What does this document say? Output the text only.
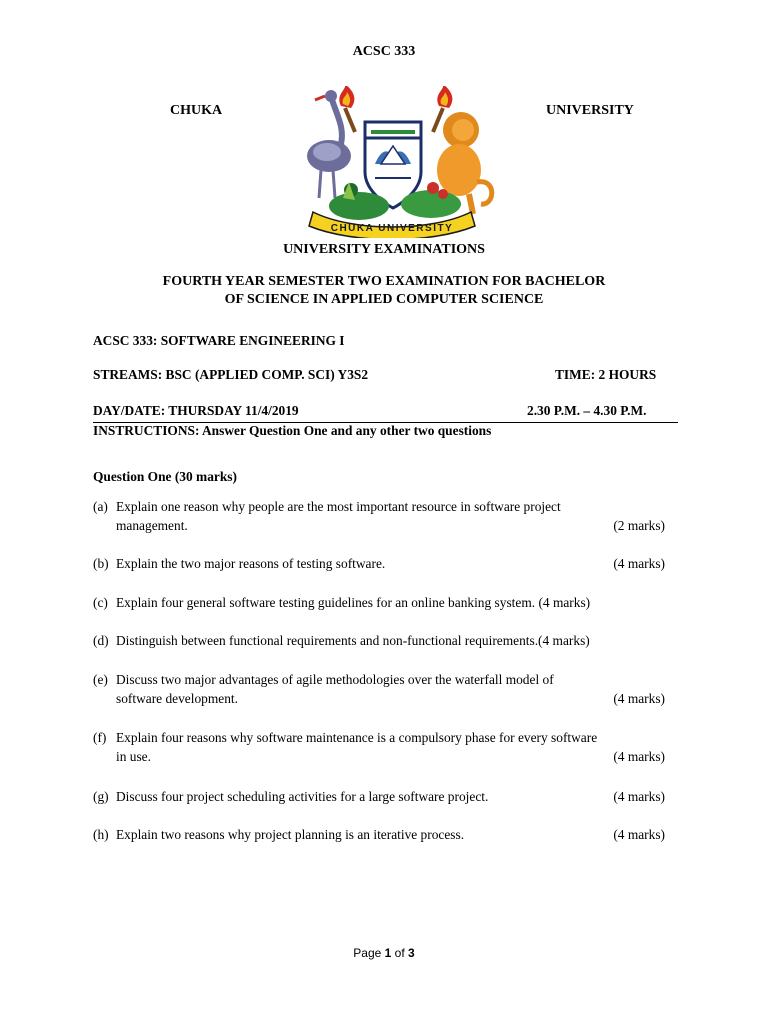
ACSC 333
CHUKA	UNIVERSITY
CHUKA UNIVERSITY
UNIVERSITY EXAMINATIONS
FOURTH YEAR SEMESTER TWO EXAMINATION FOR BACHELOR
OF SCIENCE IN APPLIED COMPUTER SCIENCE
ACSC 333: SOFTWARE ENGINEERING I
STREAMS: BSC (APPLIED COMP. SCI) Y3S2	TIME: 2 HOURS
DAY/DATE: THURSDAY 11/4/2019	2.30 P.M. – 4.30 P.M.
INSTRUCTIONS: Answer Question One and any other two questions
Question One (30 marks)
(a) Explain one reason why people are the most important resource in software project
management.	(2 marks)
(b) Explain the two major reasons of testing software.	(4 marks)
(c) Explain four general software testing guidelines for an online banking system. (4 marks)
(d) Distinguish between functional requirements and non-functional requirements.(4 marks)
(e) Discuss two major advantages of agile methodologies over the waterfall model of
software development.	(4 marks)
(f) Explain four reasons why software maintenance is a compulsory phase for every software
in use.	(4 marks)
(g) Discuss four project scheduling activities for a large software project.	(4 marks)
(h) Explain two reasons why project planning is an iterative process.	(4 marks)
Page 1 of 3
